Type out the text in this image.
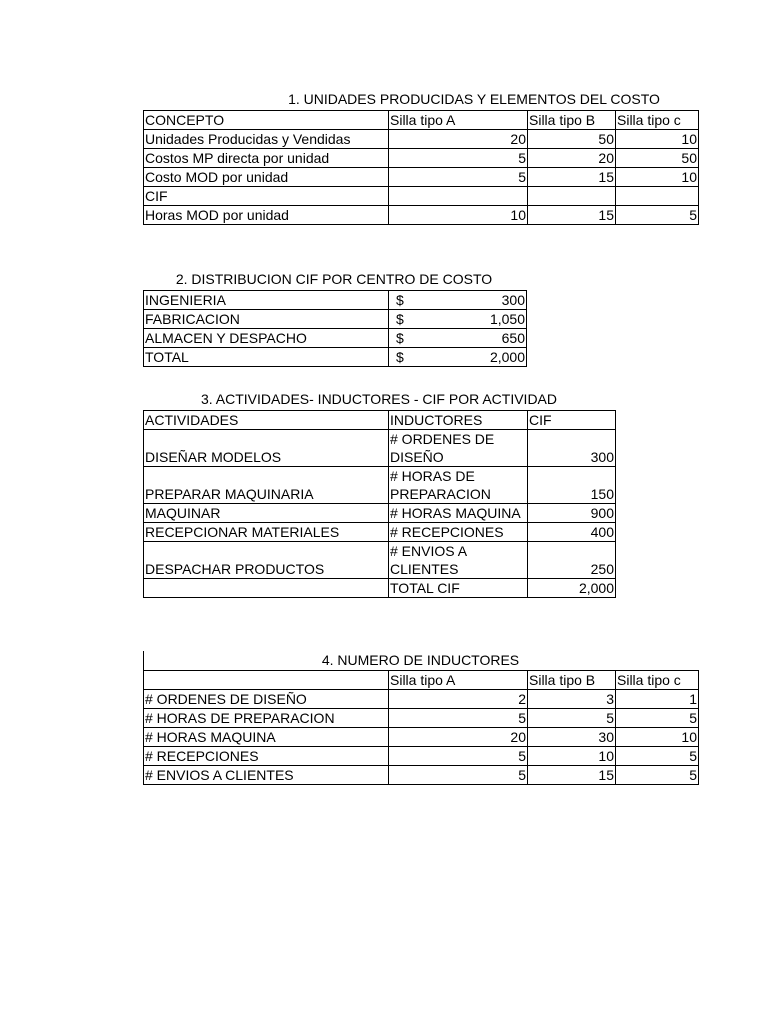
1. UNIDADES PRODUCIDAS Y ELEMENTOS DEL COSTO
CONCEPTO	Silla tipo A	Silla tipo B	Silla tipo c
Unidades Producidas y Vendidas	20	50	10
Costos MP directa por unidad	5	20	50
Costo MOD por unidad	5	15	10
CIF			
Horas MOD por unidad	10	15	5
2. DISTRIBUCION CIF POR CENTRO DE COSTO
INGENIERIA	$ 300

FABRICACION	$ 1,050

ALMACEN Y DESPACHO	$ 650

TOTAL	$ 2,000
3. ACTIVIDADES- INDUCTORES - CIF POR ACTIVIDAD
ACTIVIDADES	INDUCTORES	CIF
DISEÑAR MODELOS	# ORDENES DE DISEÑO	300
PREPARAR MAQUINARIA	# HORAS DE PREPARACION	150
MAQUINAR	# HORAS MAQUINA	900
RECEPCIONAR MATERIALES	# RECEPCIONES	400
DESPACHAR PRODUCTOS	# ENVIOS A CLIENTES	250
	TOTAL CIF	2,000
4. NUMERO DE INDUCTORES
	Silla tipo A	Silla tipo B	Silla tipo c
# ORDENES DE DISEÑO	2	3	1
# HORAS DE PREPARACION	5	5	5
# HORAS MAQUINA	20	30	10
# RECEPCIONES	5	10	5
# ENVIOS A CLIENTES	5	15	5
